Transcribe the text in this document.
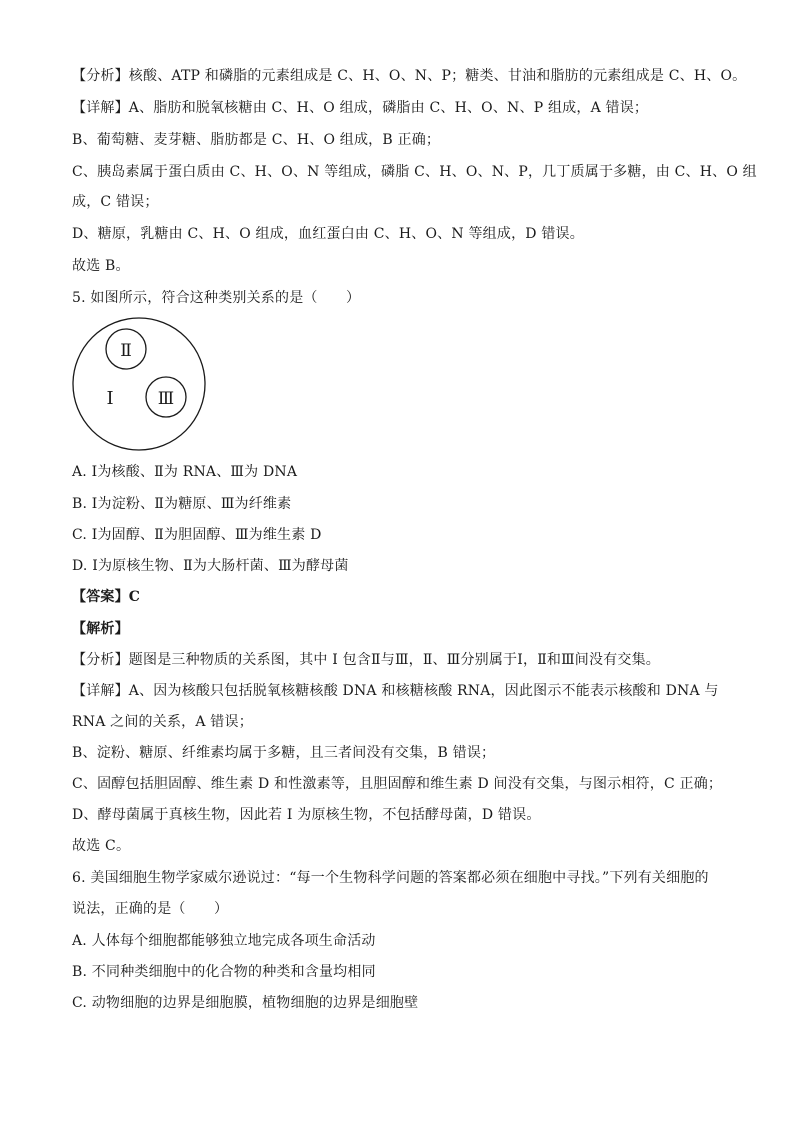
【分析】核酸、ATP 和磷脂的元素组成是 C、H、O、N、P；糖类、甘油和脂肪的元素组成是 C、H、O。
【详解】A、脂肪和脱氧核糖由 C、H、O 组成，磷脂由 C、H、O、N、P 组成，A 错误；
B、葡萄糖、麦芽糖、脂肪都是 C、H、O 组成，B 正确；
C、胰岛素属于蛋白质由 C、H、O、N 等组成，磷脂 C、H、O、N、P，几丁质属于多糖，由 C、H、O 组
成，C 错误；
D、糖原，乳糖由 C、H、O 组成，血红蛋白由 C、H、O、N 等组成，D 错误。
故选 B。
5. 如图所示，符合这种类别关系的是（　　）
Ⅱ
Ⅲ
I
A. Ⅰ为核酸、Ⅱ为 RNA、Ⅲ为 DNA
B. Ⅰ为淀粉、Ⅱ为糖原、Ⅲ为纤维素
C. Ⅰ为固醇、Ⅱ为胆固醇、Ⅲ为维生素 D
D. Ⅰ为原核生物、Ⅱ为大肠杆菌、Ⅲ为酵母菌
【答案】C
【解析】
【分析】题图是三种物质的关系图，其中 I 包含Ⅱ与Ⅲ，Ⅱ、Ⅲ分别属于Ⅰ，Ⅱ和Ⅲ间没有交集。
【详解】A、因为核酸只包括脱氧核糖核酸 DNA 和核糖核酸 RNA，因此图示不能表示核酸和 DNA 与
RNA 之间的关系，A 错误；
B、淀粉、糖原、纤维素均属于多糖，且三者间没有交集，B 错误；
C、固醇包括胆固醇、维生素 D 和性激素等，且胆固醇和维生素 D 间没有交集，与图示相符，C 正确；
D、酵母菌属于真核生物，因此若 I 为原核生物，不包括酵母菌，D 错误。
故选 C。
6. 美国细胞生物学家威尔逊说过：“每一个生物科学问题的答案都必须在细胞中寻找。”下列有关细胞的
说法，正确的是（　　）
A. 人体每个细胞都能够独立地完成各项生命活动
B. 不同种类细胞中的化合物的种类和含量均相同
C. 动物细胞的边界是细胞膜，植物细胞的边界是细胞壁
